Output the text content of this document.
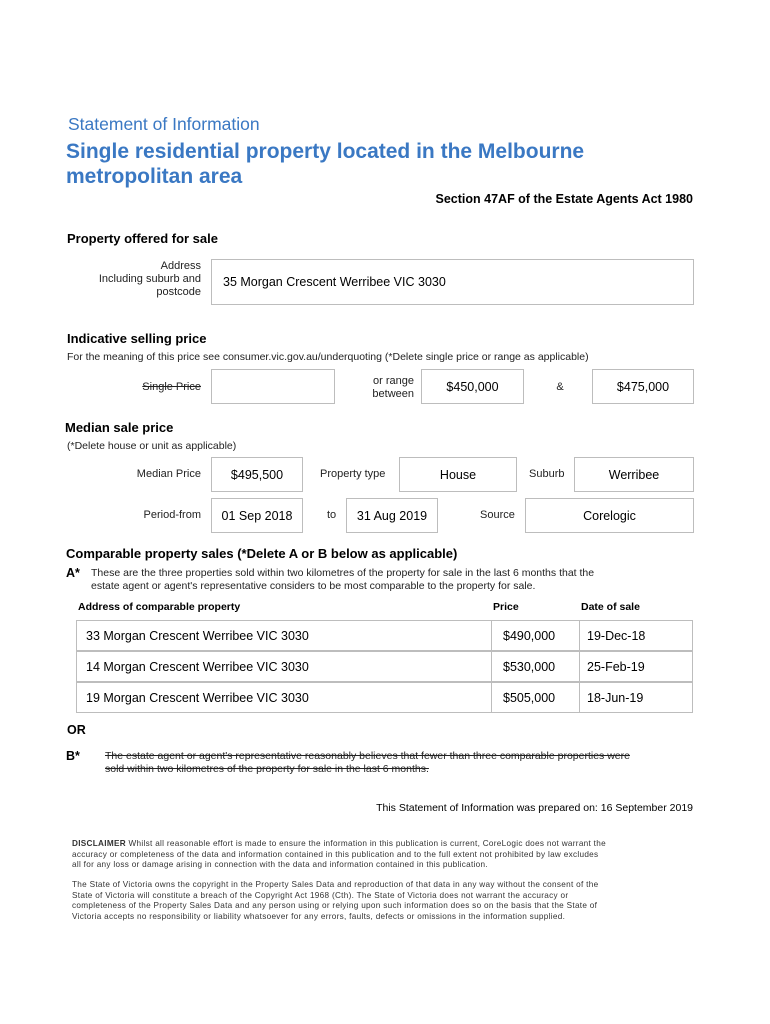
Statement of Information
Single residential property located in the Melbourne
metropolitan area
Section 47AF of the Estate Agents Act 1980
Property offered for sale
Address
Including suburb and
postcode
35 Morgan Crescent Werribee VIC 3030
Indicative selling price
For the meaning of this price see consumer.vic.gov.au/underquoting (*Delete single price or range as applicable)
Single Price	or range
between
$450,000	&	$475,000
Median sale price
(*Delete house or unit as applicable)
Median Price	$495,500	Property type	House	Suburb	Werribee
Period-from	01 Sep 2018	to	31 Aug 2019	Source	Corelogic
Comparable property sales (*Delete A or B below as applicable)
A* These are the three properties sold within two kilometres of the property for sale in the last 6 months that the
estate agent or agent's representative considers to be most comparable to the property for sale.
Address of comparable property	Price	Date of sale
33 Morgan Crescent Werribee VIC 3030	$490,000	19-Dec-18
14 Morgan Crescent Werribee VIC 3030	$530,000	25-Feb-19
19 Morgan Crescent Werribee VIC 3030	$505,000	18-Jun-19
OR
B* The estate agent or agent's representative reasonably believes that fewer than three comparable properties were
sold within two kilometres of the property for sale in the last 6 months.
This Statement of Information was prepared on: 16 September 2019
DISCLAIMER Whilst all reasonable effort is made to ensure the information in this publication is current, CoreLogic does not warrant the
accuracy or completeness of the data and information contained in this publication and to the full extent not prohibited by law excludes
all for any loss or damage arising in connection with the data and information contained in this publication.
The State of Victoria owns the copyright in the Property Sales Data and reproduction of that data in any way without the consent of the
State of Victoria will constitute a breach of the Copyright Act 1968 (Cth). The State of Victoria does not warrant the accuracy or
completeness of the Property Sales Data and any person using or relying upon such information does so on the basis that the State of
Victoria accepts no responsibility or liability whatsoever for any errors, faults, defects or omissions in the information supplied.
